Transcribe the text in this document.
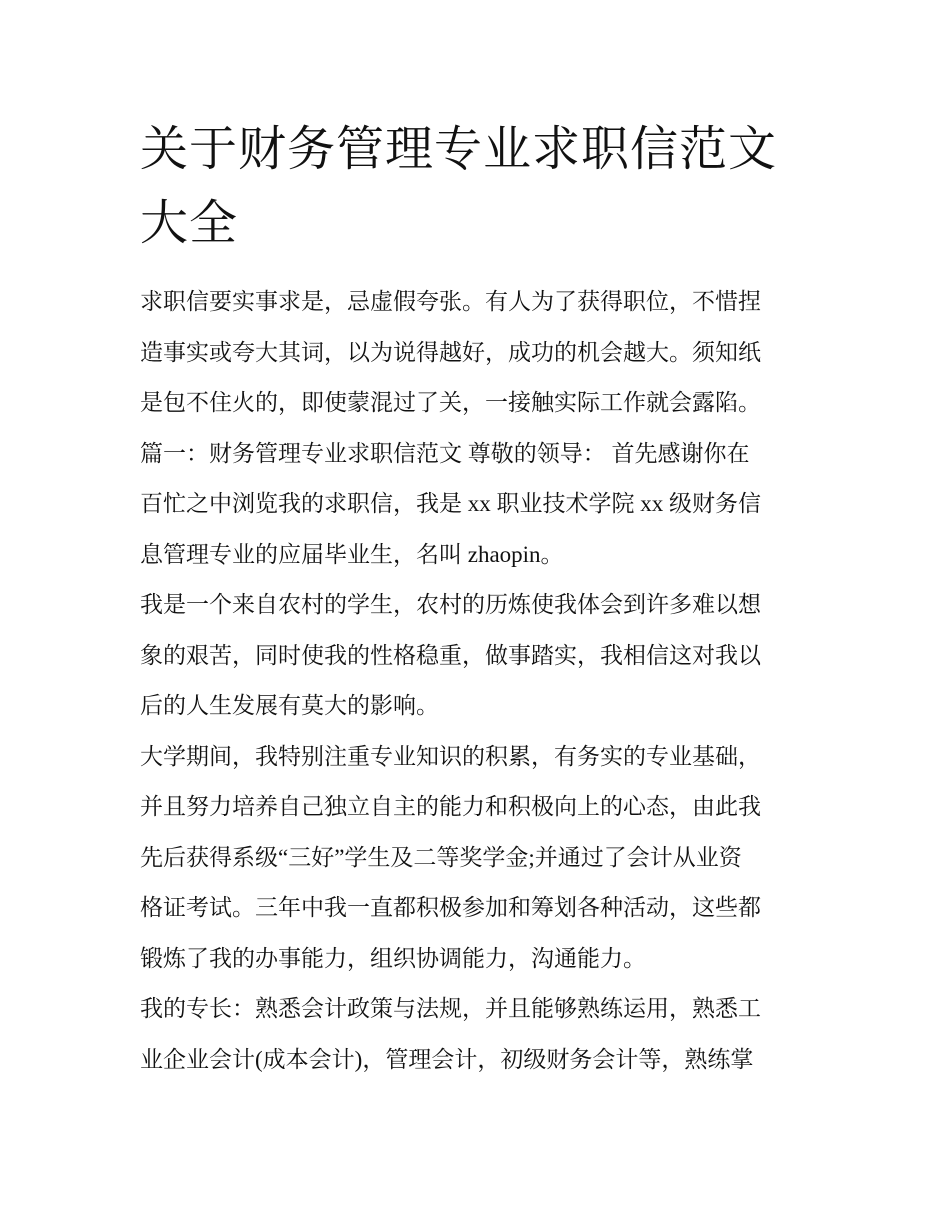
关于财务管理专业求职信范文
大全

求职信要实事求是，忌虚假夸张。有人为了获得职位，不惜捏
造事实或夸大其词，以为说得越好，成功的机会越大。须知纸
是包不住火的，即使蒙混过了关，一接触实际工作就会露陷。
篇一：财务管理专业求职信范文 尊敬的领导： 首先感谢你在
百忙之中浏览我的求职信，我是 xx 职业技术学院 xx 级财务信
息管理专业的应届毕业生，名叫 zhaopin。

我是一个来自农村的学生，农村的历炼使我体会到许多难以想
象的艰苦，同时使我的性格稳重，做事踏实，我相信这对我以
后的人生发展有莫大的影响。

大学期间，我特别注重专业知识的积累，有务实的专业基础，
并且努力培养自己独立自主的能力和积极向上的心态，由此我
先后获得系级“三好”学生及二等奖学金;并通过了会计从业资
格证考试。三年中我一直都积极参加和筹划各种活动，这些都
锻炼了我的办事能力，组织协调能力，沟通能力。

我的专长：熟悉会计政策与法规，并且能够熟练运用，熟悉工
业企业会计(成本会计)，管理会计，初级财务会计等，熟练掌
